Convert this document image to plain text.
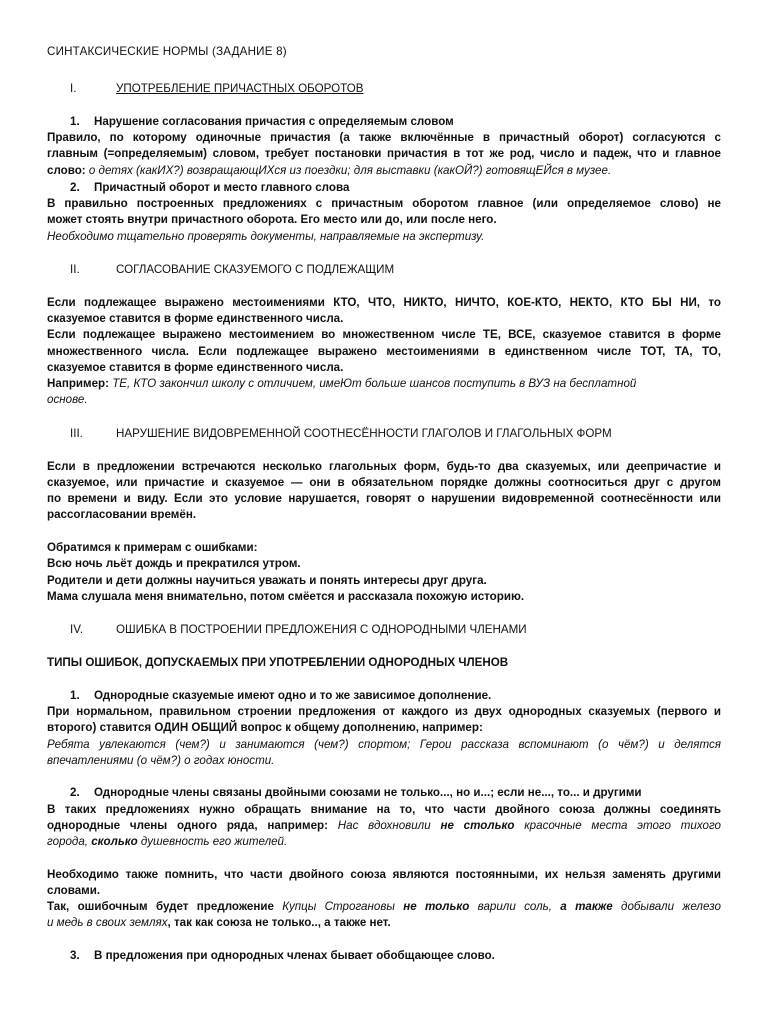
СИНТАКСИЧЕСКИЕ НОРМЫ (ЗАДАНИЕ 8)
I.	УПОТРЕБЛЕНИЕ ПРИЧАСТНЫХ ОБОРОТОВ
1. Нарушение согласования причастия с определяемым словом
Правило, по которому одиночные причастия (а также включённые в причастный оборот) согласуются с
главным (=определяемым) словом, требует постановки причастия в тот же род, число и падеж, что и главное
слово: о детях (какИХ?) возвращающИХся из поездки; для выставки (какОЙ?) готовящЕЙся в музее.
2. Причастный оборот и место главного слова
В правильно построенных предложениях с причастным оборотом главное (или определяемое слово) не
может стоять внутри причастного оборота. Его место или до, или после него.
Необходимо тщательно проверять документы, направляемые на экспертизу.
II.	СОГЛАСОВАНИЕ СКАЗУЕМОГО С ПОДЛЕЖАЩИМ
Если подлежащее выражено местоимениями КТО, ЧТО, НИКТО, НИЧТО, КОЕ-КТО, НЕКТО, КТО БЫ НИ, то
сказуемое ставится в форме единственного числа.
Если подлежащее выражено местоимением во множественном числе ТЕ, ВСЕ, сказуемое ставится в форме
множественного числа. Если подлежащее выражено местоимениями в единственном числе ТОТ, ТА, ТО,
сказуемое ставится в форме единственного числа.
Например: ТЕ, КТО закончил школу с отличием, имеЮт больше шансов поступить в ВУЗ на бесплатной
основе.
III.	НАРУШЕНИЕ ВИДОВРЕМЕННОЙ СООТНЕСЁННОСТИ ГЛАГОЛОВ И ГЛАГОЛЬНЫХ ФОРМ
Если в предложении встречаются несколько глагольных форм, будь-то два сказуемых, или деепричастие и
сказуемое, или причастие и сказуемое — они в обязательном порядке должны соотноситься друг с другом
по времени и виду. Если это условие нарушается, говорят о нарушении видовременной соотнесённости или
рассогласовании времён.
Обратимся к примерам с ошибками:
Всю ночь льёт дождь и прекратился утром.
Родители и дети должны научиться уважать и понять интересы друг друга.
Мама слушала меня внимательно, потом смёется и рассказала похожую историю.
IV.	ОШИБКА В ПОСТРОЕНИИ ПРЕДЛОЖЕНИЯ С ОДНОРОДНЫМИ ЧЛЕНАМИ
ТИПЫ ОШИБОК, ДОПУСКАЕМЫХ ПРИ УПОТРЕБЛЕНИИ ОДНОРОДНЫХ ЧЛЕНОВ
1. Однородные сказуемые имеют одно и то же зависимое дополнение.
При нормальном, правильном строении предложения от каждого из двух однородных сказуемых (первого и
второго) ставится ОДИН ОБЩИЙ вопрос к общему дополнению, например:
Ребята увлекаются (чем?) и занимаются (чем?) спортом; Герои рассказа вспоминают (о чём?) и делятся
впечатлениями (о чём?) о годах юности.
2. Однородные члены связаны двойными союзами не только..., но и...; если не..., то... и другими
В таких предложениях нужно обращать внимание на то, что части двойного союза должны соединять
однородные члены одного ряда, например: Нас вдохновили не столько красочные места этого тихого
города, сколько душевность его жителей.
Необходимо также помнить, что части двойного союза являются постоянными, их нельзя заменять другими
словами.
Так, ошибочным будет предложение Купцы Строгановы не только варили соль, а также добывали железо
и медь в своих землях, так как союза не только.., а также нет.
3. В предложения при однородных членах бывает обобщающее слово.
